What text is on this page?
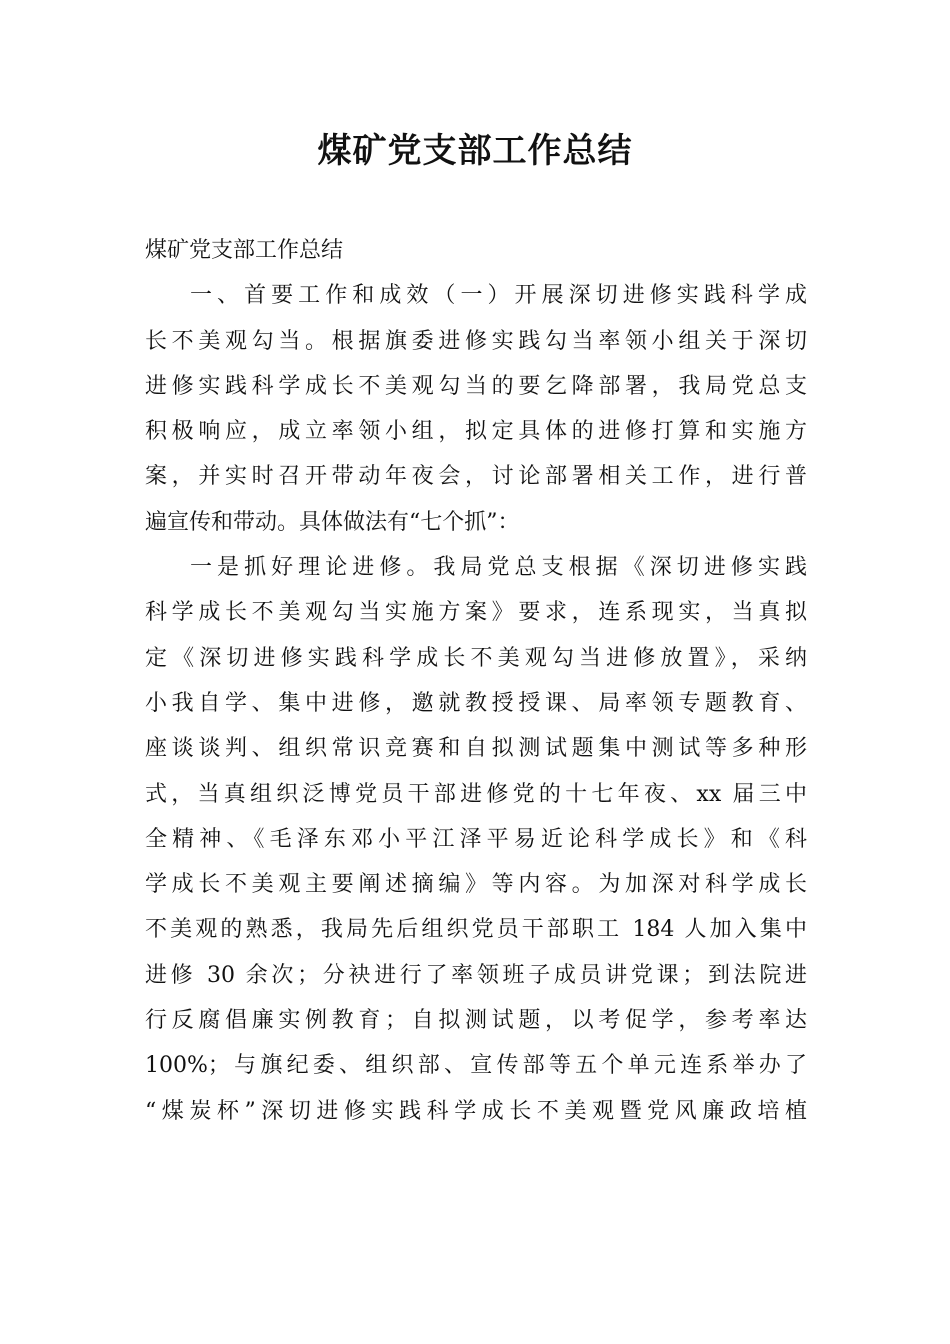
煤矿党支部工作总结
煤矿党支部工作总结
一、首要工作和成效（一）开展深切进修实践科学成
长不美观勾当。根据旗委进修实践勾当率领小组关于深切
进修实践科学成长不美观勾当的要乞降部署，我局党总支
积极响应，成立率领小组，拟定具体的进修打算和实施方
案，并实时召开带动年夜会，讨论部署相关工作，进行普
遍宣传和带动。具体做法有“七个抓”：
一是抓好理论进修。我局党总支根据《深切进修实践
科学成长不美观勾当实施方案》要求，连系现实，当真拟
定《深切进修实践科学成长不美观勾当进修放置》，采纳
小我自学、集中进修，邀就教授授课、局率领专题教育、
座谈谈判、组织常识竞赛和自拟测试题集中测试等多种形
式，当真组织泛博党员干部进修党的十七年夜、xx 届三中
全精神、《毛泽东邓小平江泽平易近论科学成长》和《科
学成长不美观主要阐述摘编》等内容。为加深对科学成长
不美观的熟悉，我局先后组织党员干部职工 184 人加入集中
进修 30 余次；分袂进行了率领班子成员讲党课；到法院进
行反腐倡廉实例教育；自拟测试题，以考促学，参考率达
100%；与旗纪委、组织部、宣传部等五个单元连系举办了
“煤炭杯”深切进修实践科学成长不美观暨党风廉政培植
